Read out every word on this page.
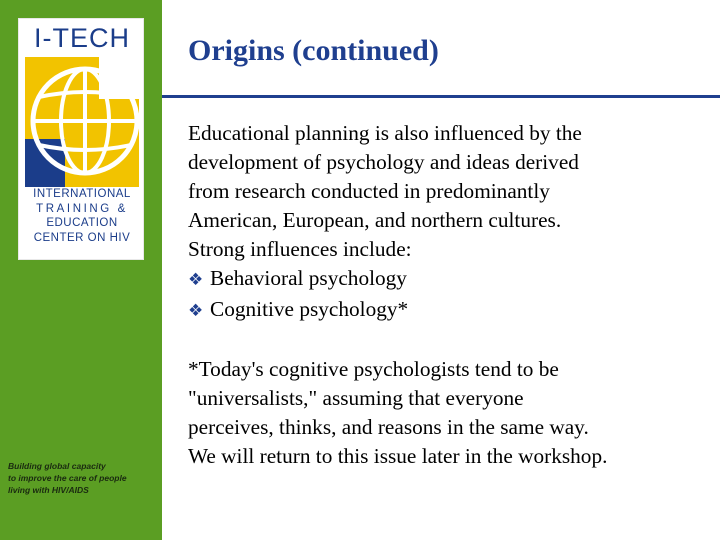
I-TECH
INTERNATIONAL
TRAINING &
EDUCATION
CENTER ON HIV
Building global capacity
to improve the care of people
living with HIV/AIDS
Origins (continued)
Educational planning is also influenced by the
development of psychology and ideas derived
from research conducted in predominantly
American, European, and northern cultures.
Strong influences include:
❖ Behavioral psychology
❖ Cognitive psychology*
*Today's cognitive psychologists tend to be
"universalists," assuming that everyone
perceives, thinks, and reasons in the same way.
We will return to this issue later in the workshop.
